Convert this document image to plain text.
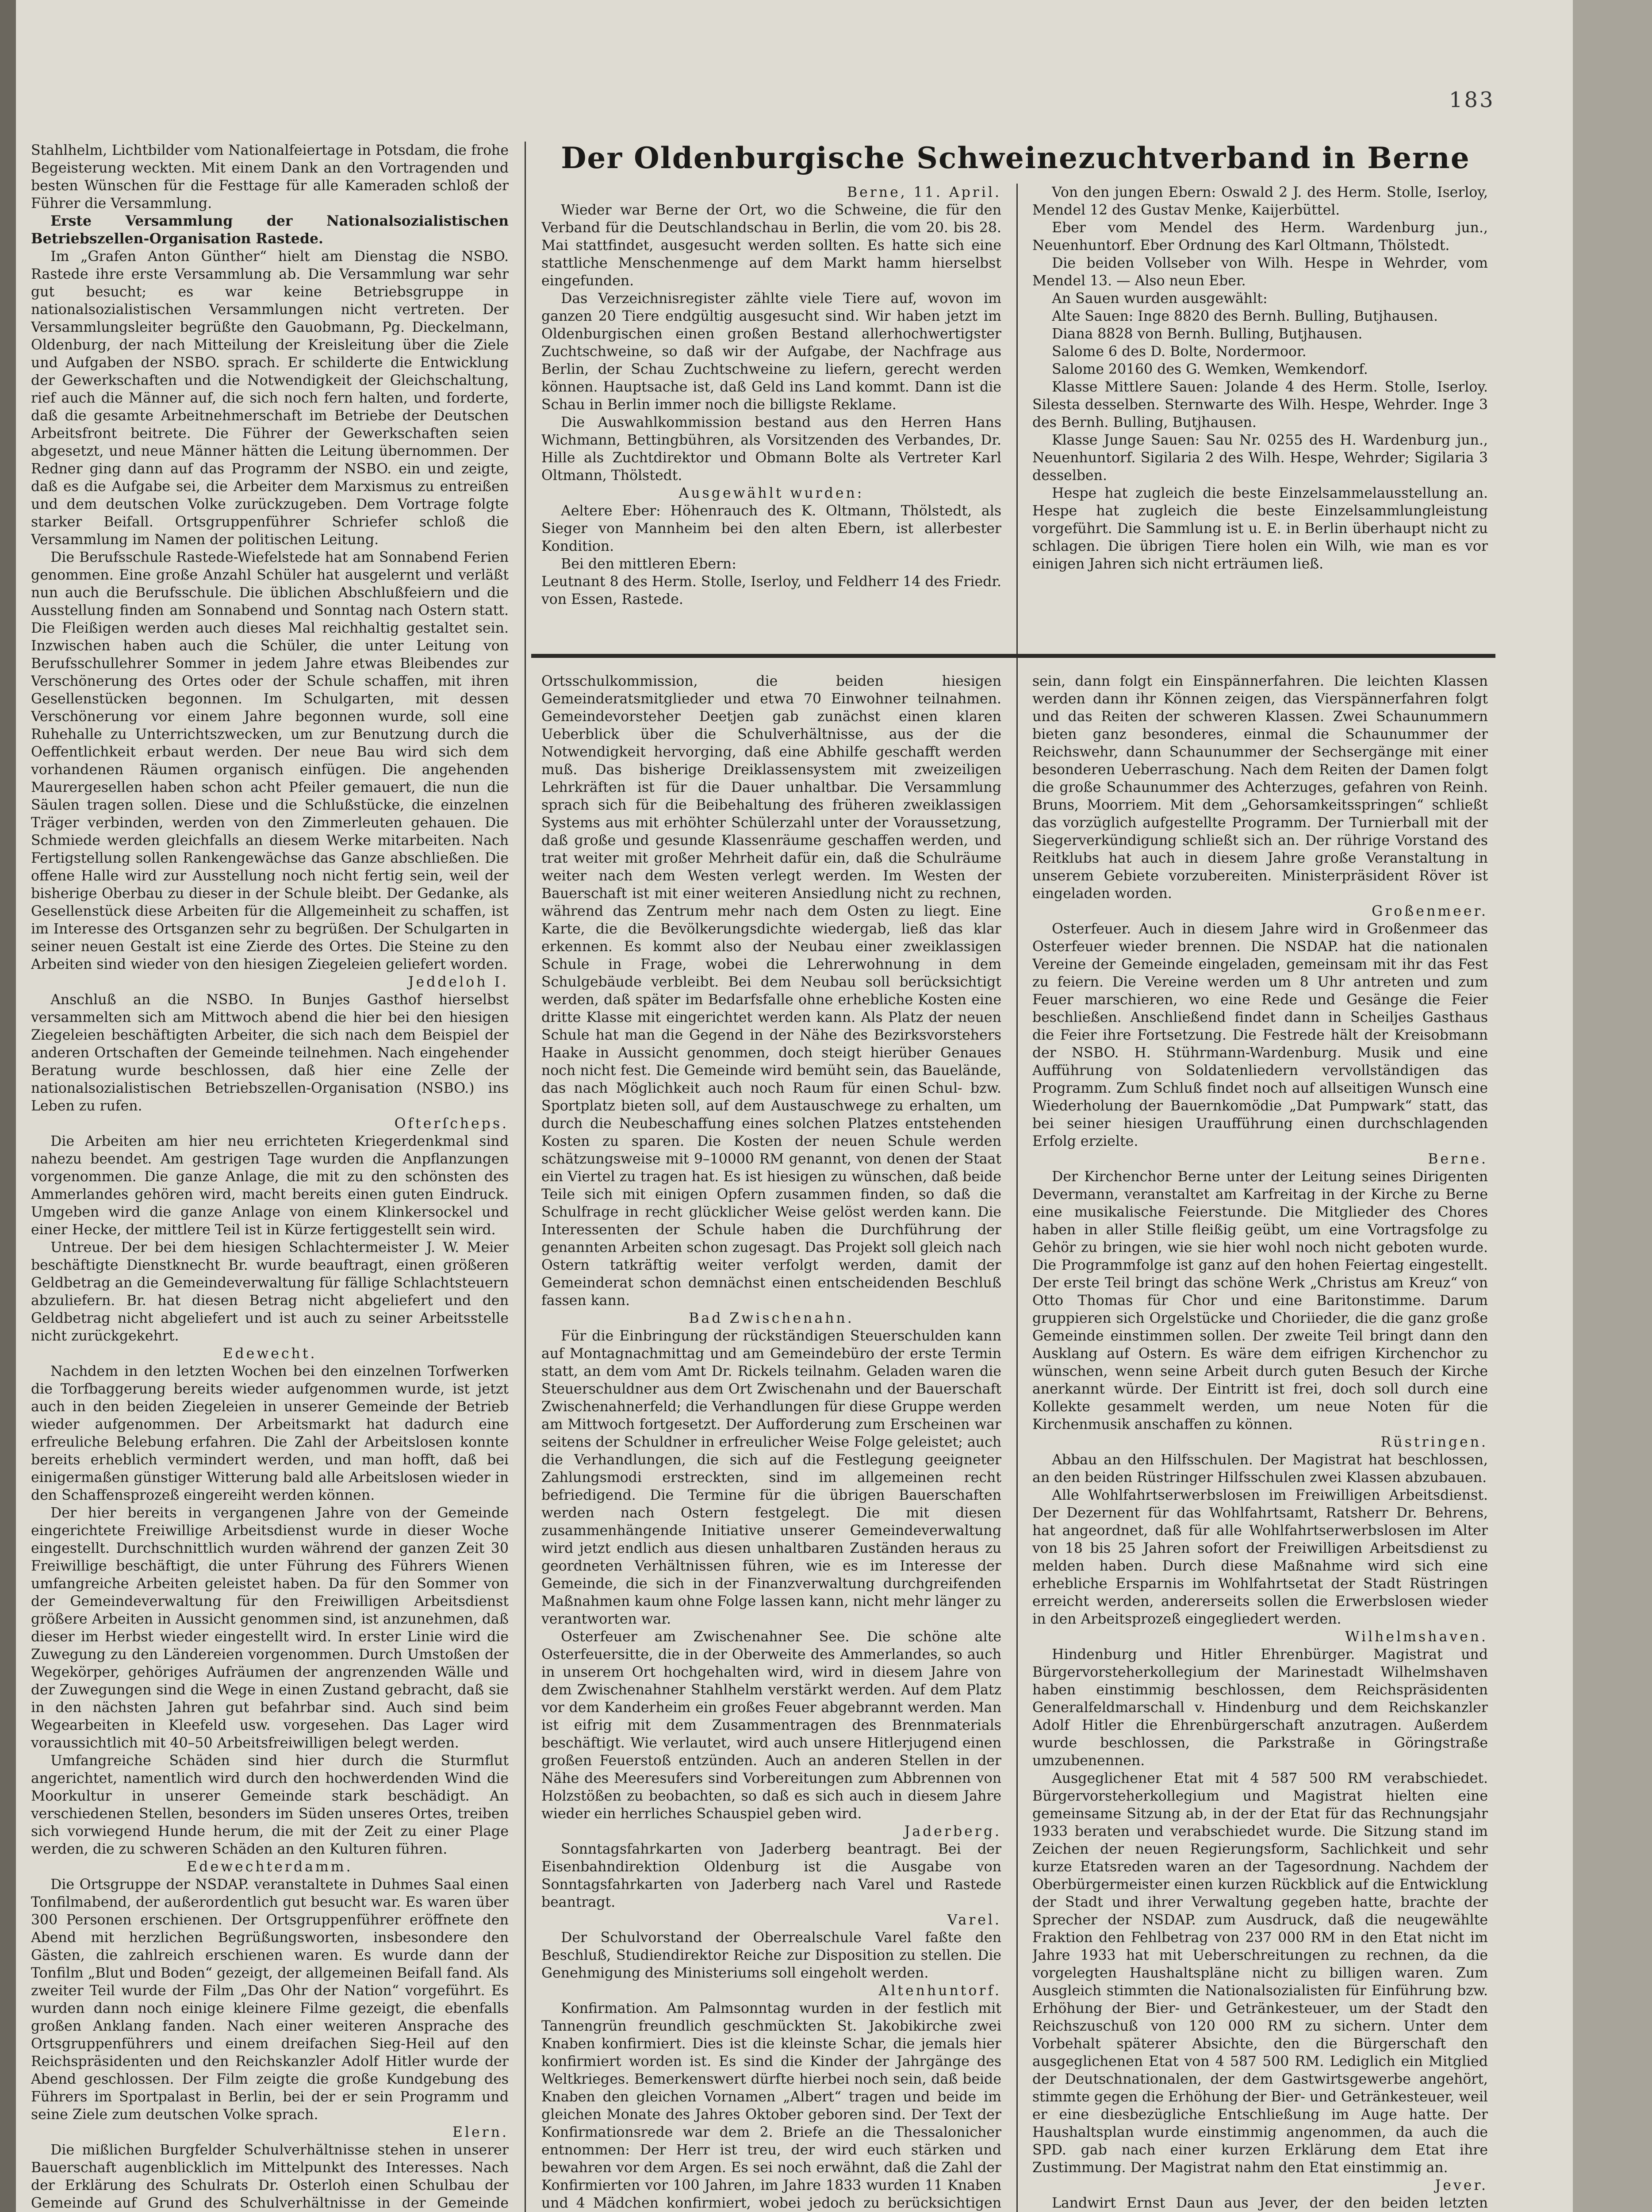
183
Der Oldenburgische Schweinezuchtverband in Berne

Stahlhelm, Lichtbilder vom Nationalfeiertage in Potsdam, die frohe Begeisterung weckten. Mit einem Dank an den Vortragenden und besten Wünschen für die Festtage für alle Kameraden schloß der Führer die Versammlung.

Erste Versammlung der Nationalsozialistischen Betriebszellen-Organisation Rastede.

Im „Grafen Anton Günther“ hielt am Dienstag die NSBO. Rastede ihre erste Versammlung ab. Die Versammlung war sehr gut besucht; es war keine Betriebsgruppe in nationalsozialistischen Versammlungen nicht vertreten. Der Versammlungsleiter begrüßte den Gauobmann, Pg. Dieckelmann, Oldenburg, der nach Mitteilung der Kreisleitung über die Ziele und Aufgaben der NSBO. sprach. Er schilderte die Entwicklung der Gewerkschaften und die Notwendigkeit der Gleichschaltung, rief auch die Männer auf, die sich noch fern halten, und forderte, daß die gesamte Arbeitnehmerschaft im Betriebe der Deutschen Arbeitsfront beitrete. Die Führer der Gewerkschaften seien abgesetzt, und neue Männer hätten die Leitung übernommen. Der Redner ging dann auf das Programm der NSBO. ein und zeigte, daß es die Aufgabe sei, die Arbeiter dem Marxismus zu entreißen und dem deutschen Volke zurückzugeben. Dem Vortrage folgte starker Beifall. Ortsgruppenführer Schriefer schloß die Versammlung im Namen der politischen Leitung.

Die Berufsschule Rastede-Wiefelstede hat am Sonnabend Ferien genommen. Eine große Anzahl Schüler hat ausgelernt und verläßt nun auch die Berufsschule. Die üblichen Abschlußfeiern und die Ausstellung finden am Sonnabend und Sonntag nach Ostern statt. Die Fleißigen werden auch dieses Mal reichhaltig gestaltet sein. Inzwischen haben auch die Schüler, die unter Leitung von Berufsschullehrer Sommer in jedem Jahre etwas Bleibendes zur Verschönerung des Ortes oder der Schule schaffen, mit ihren Gesellenstücken begonnen. Im Schulgarten, mit dessen Verschönerung vor einem Jahre begonnen wurde, soll eine Ruhehalle zu Unterrichtszwecken, um zur Benutzung durch die Oeffentlichkeit erbaut werden. Der neue Bau wird sich dem vorhandenen Räumen organisch einfügen. Die angehenden Maurergesellen haben schon acht Pfeiler gemauert, die nun die Säulen tragen sollen. Diese und die Schlußstücke, die einzelnen Träger verbinden, werden von den Zimmerleuten gehauen. Die Schmiede werden gleichfalls an diesem Werke mitarbeiten. Nach Fertigstellung sollen Rankengewächse das Ganze abschließen. Die offene Halle wird zur Ausstellung noch nicht fertig sein, weil der bisherige Oberbau zu dieser in der Schule bleibt. Der Gedanke, als Gesellenstück diese Arbeiten für die Allgemeinheit zu schaffen, ist im Interesse des Ortsganzen sehr zu begrüßen. Der Schulgarten in seiner neuen Gestalt ist eine Zierde des Ortes. Die Steine zu den Arbeiten sind wieder von den hiesigen Ziegeleien geliefert worden.

Jeddeloh I.

Anschluß an die NSBO. In Bunjes Gasthof hierselbst versammelten sich am Mittwoch abend die hier bei den hiesigen Ziegeleien beschäftigten Arbeiter, die sich nach dem Beispiel der anderen Ortschaften der Gemeinde teilnehmen. Nach eingehender Beratung wurde beschlossen, daß hier eine Zelle der nationalsozialistischen Betriebszellen-Organisation (NSBO.) ins Leben zu rufen.

Ofterſcheps.

Die Arbeiten am hier neu errichteten Kriegerdenkmal sind nahezu beendet. Am gestrigen Tage wurden die Anpflanzungen vorgenommen. Die ganze Anlage, die mit zu den schönsten des Ammerlandes gehören wird, macht bereits einen guten Eindruck. Umgeben wird die ganze Anlage von einem Klinkersockel und einer Hecke, der mittlere Teil ist in Kürze fertiggestellt sein wird.

Untreue. Der bei dem hiesigen Schlachtermeister J. W. Meier beschäftigte Dienstknecht Br. wurde beauftragt, einen größeren Geldbetrag an die Gemeindeverwaltung für fällige Schlachtsteuern abzuliefern. Br. hat diesen Betrag nicht abgeliefert und den Geldbetrag nicht abgeliefert und ist auch zu seiner Arbeitsstelle nicht zurückgekehrt.

Edewecht.

Nachdem in den letzten Wochen bei den einzelnen Torfwerken die Torfbaggerung bereits wieder aufgenommen wurde, ist jetzt auch in den beiden Ziegeleien in unserer Gemeinde der Betrieb wieder aufgenommen. Der Arbeitsmarkt hat dadurch eine erfreuliche Belebung erfahren. Die Zahl der Arbeitslosen konnte bereits erheblich vermindert werden, und man hofft, daß bei einigermaßen günstiger Witterung bald alle Arbeitslosen wieder in den Schaffensprozeß eingereiht werden können.

Der hier bereits in vergangenen Jahre von der Gemeinde eingerichtete Freiwillige Arbeitsdienst wurde in dieser Woche eingestellt. Durchschnittlich wurden während der ganzen Zeit 30 Freiwillige beschäftigt, die unter Führung des Führers Wienen umfangreiche Arbeiten geleistet haben. Da für den Sommer von der Gemeindeverwaltung für den Freiwilligen Arbeitsdienst größere Arbeiten in Aussicht genommen sind, ist anzunehmen, daß dieser im Herbst wieder eingestellt wird. In erster Linie wird die Zuwegung zu den Ländereien vorgenommen. Durch Umstoßen der Wegekörper, gehöriges Aufräumen der angrenzenden Wälle und der Zuwegungen sind die Wege in einen Zustand gebracht, daß sie in den nächsten Jahren gut befahrbar sind. Auch sind beim Wegearbeiten in Kleefeld usw. vorgesehen. Das Lager wird voraussichtlich mit 40–50 Arbeitsfreiwilligen belegt werden.

Umfangreiche Schäden sind hier durch die Sturmflut angerichtet, namentlich wird durch den hochwerdenden Wind die Moorkultur in unserer Gemeinde stark beschädigt. An verschiedenen Stellen, besonders im Süden unseres Ortes, treiben sich vorwiegend Hunde herum, die mit der Zeit zu einer Plage werden, die zu schweren Schäden an den Kulturen führen.

Edewechterdamm.

Die Ortsgruppe der NSDAP. veranstaltete in Duhmes Saal einen Tonfilmabend, der außerordentlich gut besucht war. Es waren über 300 Personen erschienen. Der Ortsgruppenführer eröffnete den Abend mit herzlichen Begrüßungsworten, insbesondere den Gästen, die zahlreich erschienen waren. Es wurde dann der Tonfilm „Blut und Boden“ gezeigt, der allgemeinen Beifall fand. Als zweiter Teil wurde der Film „Das Ohr der Nation“ vorgeführt. Es wurden dann noch einige kleinere Filme gezeigt, die ebenfalls großen Anklang fanden. Nach einer weiteren Ansprache des Ortsgruppenführers und einem dreifachen Sieg-Heil auf den Reichspräsidenten und den Reichskanzler Adolf Hitler wurde der Abend geschlossen. Der Film zeigte die große Kundgebung des Führers im Sportpalast in Berlin, bei der er sein Programm und seine Ziele zum deutschen Volke sprach.

Elern.

Die mißlichen Burgfelder Schulverhältnisse stehen in unserer Bauerschaft augenblicklich im Mittelpunkt des Interesses. Nach der Erklärung des Schulrats Dr. Osterloh einen Schulbau der Gemeinde auf Grund des Schulverhältnisse in der Gemeinde

Berne, 11. April.

Wieder war Berne der Ort, wo die Schweine, die für den Verband für die Deutschlandschau in Berlin, die vom 20. bis 28. Mai stattfindet, ausgesucht werden sollten. Es hatte sich eine stattliche Menschenmenge auf dem Markt hamm hierselbst eingefunden.

Das Verzeichnisregister zählte viele Tiere auf, wovon im ganzen 20 Tiere endgültig ausgesucht sind. Wir haben jetzt im Oldenburgischen einen großen Bestand allerhochwertigster Zuchtschweine, so daß wir der Aufgabe, der Nachfrage aus Berlin, der Schau Zuchtschweine zu liefern, gerecht werden können. Hauptsache ist, daß Geld ins Land kommt. Dann ist die Schau in Berlin immer noch die billigste Reklame.

Die Auswahlkommission bestand aus den Herren Hans Wichmann, Bettingbühren, als Vorsitzenden des Verbandes, Dr. Hille als Zuchtdirektor und Obmann Bolte als Vertreter Karl Oltmann, Thölstedt.

Ausgewählt wurden:

Aeltere Eber: Höhenrauch des K. Oltmann, Thölstedt, als Sieger von Mannheim bei den alten Ebern, ist allerbester Kondition.

Bei den mittleren Ebern:

Leutnant 8 des Herm. Stolle, Iserloy, und Feldherr 14 des Friedr. von Essen, Rastede.

Von den jungen Ebern: Oswald 2 J. des Herm. Stolle, Iserloy, Mendel 12 des Gustav Menke, Kaijerbüttel.

Eber vom Mendel des Herm. Wardenburg jun., Neuenhuntorf. Eber Ordnung des Karl Oltmann, Thölstedt.

Die beiden Vollseber von Wilh. Hespe in Wehrder, vom Mendel 13. — Also neun Eber.

An Sauen wurden ausgewählt:

Alte Sauen: Inge 8820 des Bernh. Bulling, Butjhausen.

Diana 8828 von Bernh. Bulling, Butjhausen.

Salome 6 des D. Bolte, Nordermoor.

Salome 20160 des G. Wemken, Wemkendorf.

Klasse Mittlere Sauen: Jolande 4 des Herm. Stolle, Iserloy. Silesta desselben. Sternwarte des Wilh. Hespe, Wehrder. Inge 3 des Bernh. Bulling, Butjhausen.

Klasse Junge Sauen: Sau Nr. 0255 des H. Wardenburg jun., Neuenhuntorf. Sigilaria 2 des Wilh. Hespe, Wehrder; Sigilaria 3 desselben.

Hespe hat zugleich die beste Einzelsammelausstellung an. Hespe hat zugleich die beste Einzelsammlungleistung vorgeführt. Die Sammlung ist u. E. in Berlin überhaupt nicht zu schlagen. Die übrigen Tiere holen ein Wilh, wie man es vor einigen Jahren sich nicht erträumen ließ.

Ortsschulkommission, die beiden hiesigen Gemeinderatsmitglieder und etwa 70 Einwohner teilnahmen. Gemeindevorsteher Deetjen gab zunächst einen klaren Ueberblick über die Schulverhältnisse, aus der die Notwendigkeit hervorging, daß eine Abhilfe geschafft werden muß. Das bisherige Dreiklassensystem mit zweizeiligen Lehrkräften ist für die Dauer unhaltbar. Die Versammlung sprach sich für die Beibehaltung des früheren zweiklassigen Systems aus mit erhöhter Schülerzahl unter der Voraussetzung, daß große und gesunde Klassenräume geschaffen werden, und trat weiter mit großer Mehrheit dafür ein, daß die Schulräume weiter nach dem Westen verlegt werden. Im Westen der Bauerschaft ist mit einer weiteren Ansiedlung nicht zu rechnen, während das Zentrum mehr nach dem Osten zu liegt. Eine Karte, die die Bevölkerungsdichte wiedergab, ließ das klar erkennen. Es kommt also der Neubau einer zweiklassigen Schule in Frage, wobei die Lehrerwohnung in dem Schulgebäude verbleibt. Bei dem Neubau soll berücksichtigt werden, daß später im Bedarfsfalle ohne erhebliche Kosten eine dritte Klasse mit eingerichtet werden kann. Als Platz der neuen Schule hat man die Gegend in der Nähe des Bezirksvorstehers Haake in Aussicht genommen, doch steigt hierüber Genaues noch nicht fest. Die Gemeinde wird bemüht sein, das Bauelände, das nach Möglichkeit auch noch Raum für einen Schul- bzw. Sportplatz bieten soll, auf dem Austauschwege zu erhalten, um durch die Neubeschaffung eines solchen Platzes entstehenden Kosten zu sparen. Die Kosten der neuen Schule werden schätzungsweise mit 9–10000 RM genannt, von denen der Staat ein Viertel zu tragen hat. Es ist hiesigen zu wünschen, daß beide Teile sich mit einigen Opfern zusammen finden, so daß die Schulfrage in recht glücklicher Weise gelöst werden kann. Die Interessenten der Schule haben die Durchführung der genannten Arbeiten schon zugesagt. Das Projekt soll gleich nach Ostern tatkräftig weiter verfolgt werden, damit der Gemeinderat schon demnächst einen entscheidenden Beschluß fassen kann.

Bad Zwischenahn.

Für die Einbringung der rückständigen Steuerschulden kann auf Montagnachmittag und am Gemeindebüro der erste Termin statt, an dem vom Amt Dr. Rickels teilnahm. Geladen waren die Steuerschuldner aus dem Ort Zwischenahn und der Bauerschaft Zwischenahnerfeld; die Verhandlungen für diese Gruppe werden am Mittwoch fortgesetzt. Der Aufforderung zum Erscheinen war seitens der Schuldner in erfreulicher Weise Folge geleistet; auch die Verhandlungen, die sich auf die Festlegung geeigneter Zahlungsmodi erstreckten, sind im allgemeinen recht befriedigend. Die Termine für die übrigen Bauerschaften werden nach Ostern festgelegt. Die mit diesen zusammenhängende Initiative unserer Gemeindeverwaltung wird jetzt endlich aus diesen unhaltbaren Zuständen heraus zu geordneten Verhältnissen führen, wie es im Interesse der Gemeinde, die sich in der Finanzverwaltung durchgreifenden Maßnahmen kaum ohne Folge lassen kann, nicht mehr länger zu verantworten war.

Osterfeuer am Zwischenahner See. Die schöne alte Osterfeuersitte, die in der Oberweite des Ammerlandes, so auch in unserem Ort hochgehalten wird, wird in diesem Jahre von dem Zwischenahner Stahlhelm verstärkt werden. Auf dem Platz vor dem Kanderheim ein großes Feuer abgebrannt werden. Man ist eifrig mit dem Zusammentragen des Brennmaterials beschäftigt. Wie verlautet, wird auch unsere Hitlerjugend einen großen Feuerstoß entzünden. Auch an anderen Stellen in der Nähe des Meeresufers sind Vorbereitungen zum Abbrennen von Holzstößen zu beobachten, so daß es sich auch in diesem Jahre wieder ein herrliches Schauspiel geben wird.

Jaderberg.

Sonntagsfahrkarten von Jaderberg beantragt. Bei der Eisenbahndirektion Oldenburg ist die Ausgabe von Sonntagsfahrkarten von Jaderberg nach Varel und Rastede beantragt.

Varel.

Der Schulvorstand der Oberrealschule Varel faßte den Beschluß, Studiendirektor Reiche zur Disposition zu stellen. Die Genehmigung des Ministeriums soll eingeholt werden.

Altenhuntorf.

Konfirmation. Am Palmsonntag wurden in der festlich mit Tannengrün freundlich geschmückten St. Jakobikirche zwei Knaben konfirmiert. Dies ist die kleinste Schar, die jemals hier konfirmiert worden ist. Es sind die Kinder der Jahrgänge des Weltkrieges. Bemerkenswert dürfte hierbei noch sein, daß beide Knaben den gleichen Vornamen „Albert“ tragen und beide im gleichen Monate des Jahres Oktober geboren sind. Der Text der Konfirmationsrede war dem 2. Briefe an die Thessalonicher entnommen: Der Herr ist treu, der wird euch stärken und bewahren vor dem Argen. Es sei noch erwähnt, daß die Zahl der Konfirmierten vor 100 Jahren, im Jahre 1833 wurden 11 Knaben und 4 Mädchen konfirmiert, wobei jedoch zu berücksichtigen

sein, dann folgt ein Einspännerfahren. Die leichten Klassen werden dann ihr Können zeigen, das Vierspännerfahren folgt und das Reiten der schweren Klassen. Zwei Schaunummern bieten ganz besonderes, einmal die Schaunummer der Reichswehr, dann Schaunummer der Sechsergänge mit einer besonderen Ueberraschung. Nach dem Reiten der Damen folgt die große Schaunummer des Achterzuges, gefahren von Reinh. Bruns, Moorriem. Mit dem „Gehorsamkeitsspringen“ schließt das vorzüglich aufgestellte Programm. Der Turnierball mit der Siegerverkündigung schließt sich an. Der rührige Vorstand des Reitklubs hat auch in diesem Jahre große Veranstaltung in unserem Gebiete vorzubereiten. Ministerpräsident Röver ist eingeladen worden.

Großenmeer.

Osterfeuer. Auch in diesem Jahre wird in Großenmeer das Osterfeuer wieder brennen. Die NSDAP. hat die nationalen Vereine der Gemeinde eingeladen, gemeinsam mit ihr das Fest zu feiern. Die Vereine werden um 8 Uhr antreten und zum Feuer marschieren, wo eine Rede und Gesänge die Feier beschließen. Anschließend findet dann in Scheiljes Gasthaus die Feier ihre Fortsetzung. Die Festrede hält der Kreisobmann der NSBO. H. Stührmann-Wardenburg. Musik und eine Aufführung von Soldatenliedern vervollständigen das Programm. Zum Schluß findet noch auf allseitigen Wunsch eine Wiederholung der Bauernkomödie „Dat Pumpwark“ statt, das bei seiner hiesigen Uraufführung einen durchschlagenden Erfolg erzielte.

Berne.

Der Kirchenchor Berne unter der Leitung seines Dirigenten Devermann, veranstaltet am Karfreitag in der Kirche zu Berne eine musikalische Feierstunde. Die Mitglieder des Chores haben in aller Stille fleißig geübt, um eine Vortragsfolge zu Gehör zu bringen, wie sie hier wohl noch nicht geboten wurde. Die Programmfolge ist ganz auf den hohen Feiertag eingestellt. Der erste Teil bringt das schöne Werk „Christus am Kreuz“ von Otto Thomas für Chor und eine Baritonstimme. Darum gruppieren sich Orgelstücke und Choriieder, die die ganz große Gemeinde einstimmen sollen. Der zweite Teil bringt dann den Ausklang auf Ostern. Es wäre dem eifrigen Kirchenchor zu wünschen, wenn seine Arbeit durch guten Besuch der Kirche anerkannt würde. Der Eintritt ist frei, doch soll durch eine Kollekte gesammelt werden, um neue Noten für die Kirchenmusik anschaffen zu können.

Rüstringen.

Abbau an den Hilfsschulen. Der Magistrat hat beschlossen, an den beiden Rüstringer Hilfsschulen zwei Klassen abzubauen.

Alle Wohlfahrtserwerbslosen im Freiwilligen Arbeitsdienst. Der Dezernent für das Wohlfahrtsamt, Ratsherr Dr. Behrens, hat angeordnet, daß für alle Wohlfahrtserwerbslosen im Alter von 18 bis 25 Jahren sofort der Freiwilligen Arbeitsdienst zu melden haben. Durch diese Maßnahme wird sich eine erhebliche Ersparnis im Wohlfahrtsetat der Stadt Rüstringen erreicht werden, andererseits sollen die Erwerbslosen wieder in den Arbeitsprozeß eingegliedert werden.

Wilhelmshaven.

Hindenburg und Hitler Ehrenbürger. Magistrat und Bürgervorsteherkollegium der Marinestadt Wilhelmshaven haben einstimmig beschlossen, dem Reichspräsidenten Generalfeldmarschall v. Hindenburg und dem Reichskanzler Adolf Hitler die Ehrenbürgerschaft anzutragen. Außerdem wurde beschlossen, die Parkstraße in Göringstraße umzubenennen.

Ausgeglichener Etat mit 4 587 500 RM verabschiedet. Bürgervorsteherkollegium und Magistrat hielten eine gemeinsame Sitzung ab, in der der Etat für das Rechnungsjahr 1933 beraten und verabschiedet wurde. Die Sitzung stand im Zeichen der neuen Regierungsform, Sachlichkeit und sehr kurze Etatsreden waren an der Tagesordnung. Nachdem der Oberbürgermeister einen kurzen Rückblick auf die Entwicklung der Stadt und ihrer Verwaltung gegeben hatte, brachte der Sprecher der NSDAP. zum Ausdruck, daß die neugewählte Fraktion den Fehlbetrag von 237 000 RM in den Etat nicht im Jahre 1933 hat mit Ueberschreitungen zu rechnen, da die vorgelegten Haushaltspläne nicht zu billigen waren. Zum Ausgleich stimmten die Nationalsozialisten für Einführung bzw. Erhöhung der Bier- und Getränkesteuer, um der Stadt den Reichszuschuß von 120 000 RM zu sichern. Unter dem Vorbehalt späterer Absichte, den die Bürgerschaft den ausgeglichenen Etat von 4 587 500 RM. Lediglich ein Mitglied der Deutschnationalen, der dem Gastwirtsgewerbe angehört, stimmte gegen die Erhöhung der Bier- und Getränkesteuer, weil er eine diesbezügliche Entschließung im Auge hatte. Der Haushaltsplan wurde einstimmig angenommen, da auch die SPD. gab nach einer kurzen Erklärung dem Etat ihre Zustimmung. Der Magistrat nahm den Etat einstimmig an.

Jever.

Landwirt Ernst Daun aus Jever, der den beiden letzten
